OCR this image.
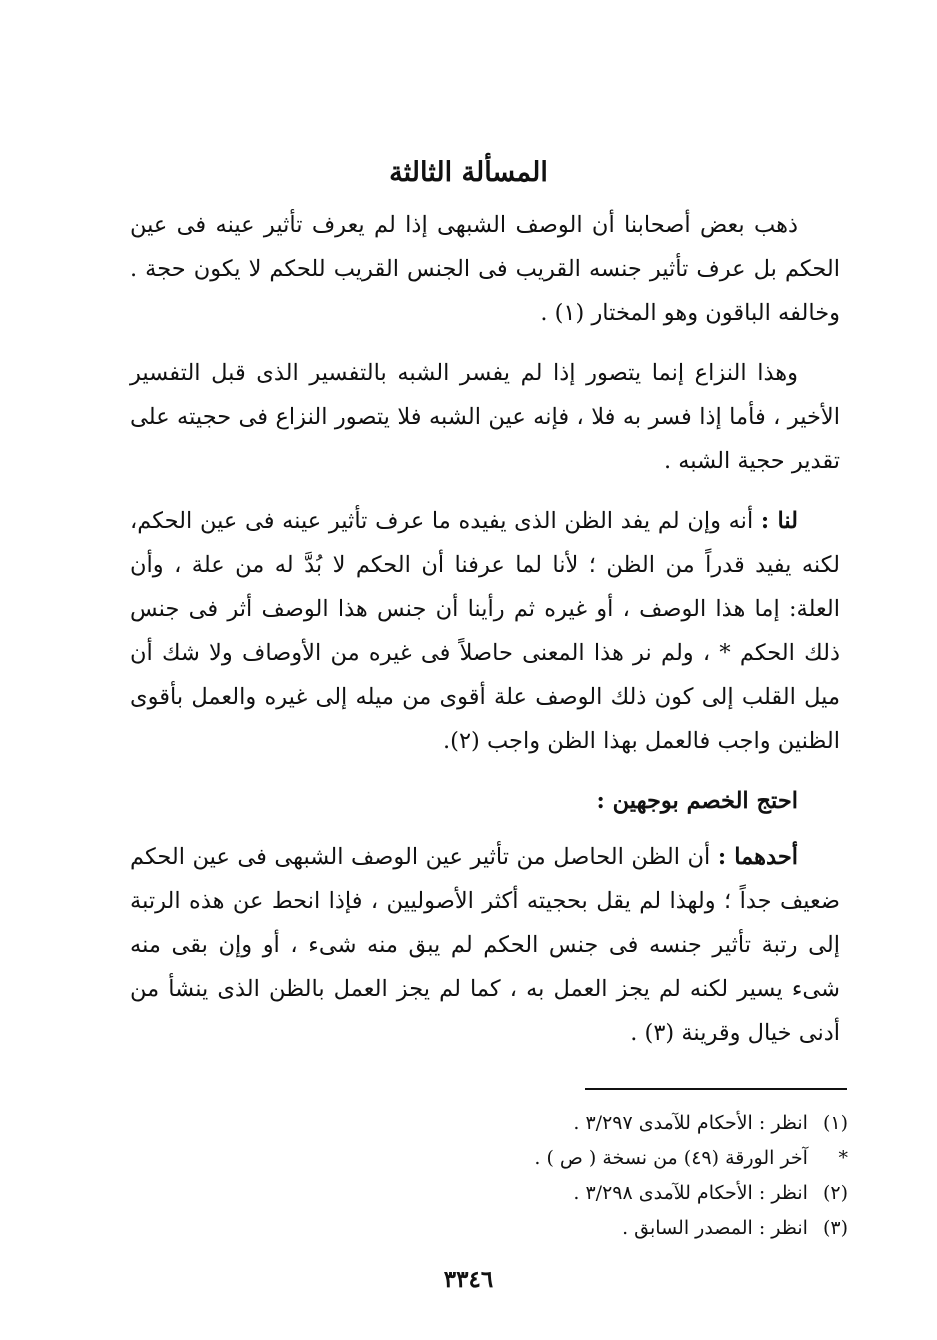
المسألة الثالثة

ذهب بعض أصحابنا أن الوصف الشبهى إذا لم يعرف تأثير عينه فى عين الحكم بل عرف تأثير جنسه القريب فى الجنس القريب للحكم لا يكون حجة . وخالفه الباقون وهو المختار (١) .

وهذا النزاع إنما يتصور إذا لم يفسر الشبه بالتفسير الذى قبل التفسير الأخير ، فأما إذا فسر به فلا ، فإنه عين الشبه فلا يتصور النزاع فى حجيته على تقدير حجية الشبه .

لنا : أنه وإن لم يفد الظن الذى يفيده ما عرف تأثير عينه فى عين الحكم، لكنه يفيد قدراً من الظن ؛ لأنا لما عرفنا أن الحكم لا بُدَّ له من علة ، وأن العلة: إما هذا الوصف ، أو غيره ثم رأينا أن جنس هذا الوصف أثر فى جنس ذلك الحكم * ، ولم نر هذا المعنى حاصلاً فى غيره من الأوصاف ولا شك أن ميل القلب إلى كون ذلك الوصف علة أقوى من ميله إلى غيره والعمل بأقوى الظنين واجب فالعمل بهذا الظن واجب (٢).

احتج الخصم بوجهين :

أحدهما : أن الظن الحاصل من تأثير عين الوصف الشبهى فى عين الحكم ضعيف جداً ؛ ولهذا لم يقل بحجيته أكثر الأصوليين ، فإذا انحط عن هذه الرتبة إلى رتبة تأثير جنسه فى جنس الحكم لم يبق منه شىء ، أو وإن بقى منه شىء يسير لكنه لم يجز العمل به ، كما لم يجز العمل بالظن الذى ينشأ من أدنى خيال وقرينة (٣) .

(١) انظر : الأحكام للآمدى ٣/٢٩٧ .

* آخر الورقة (٤٩) من نسخة ( ص ) .

(٢) انظر : الأحكام للآمدى ٣/٢٩٨ .

(٣) انظر : المصدر السابق .

٣٣٤٦
